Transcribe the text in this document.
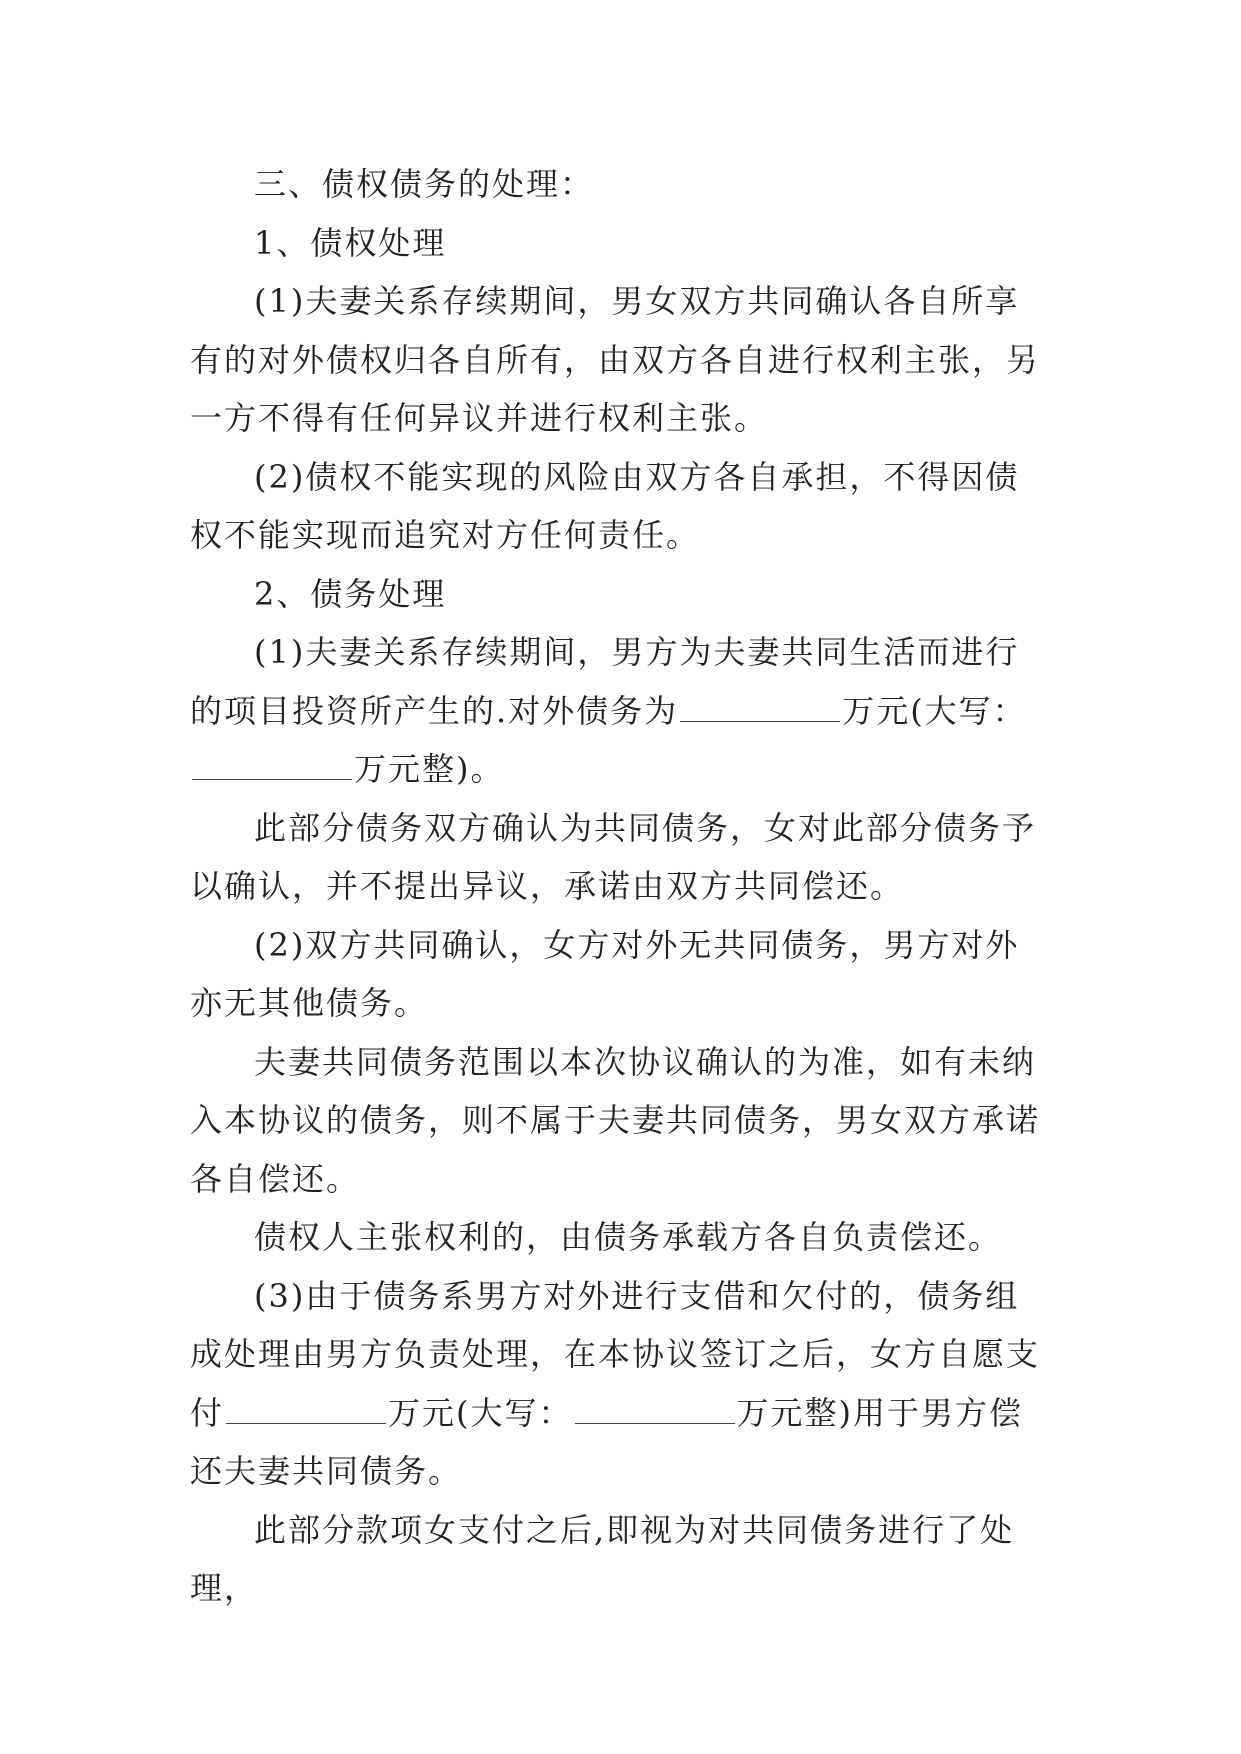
三、债权债务的处理：

1、债权处理

(1)夫妻关系存续期间，男女双方共同确认各自所享有的对外债权归各自所有，由双方各自进行权利主张，另一方不得有任何异议并进行权利主张。

(2)债权不能实现的风险由双方各自承担，不得因债权不能实现而追究对方任何责任。

2、债务处理

(1)夫妻关系存续期间，男方为夫妻共同生活而进行的项目投资所产生的.对外债务为	万元(大写：万元整)。

此部分债务双方确认为共同债务，女对此部分债务予以确认，并不提出异议，承诺由双方共同偿还。

(2)双方共同确认，女方对外无共同债务，男方对外亦无其他债务。

夫妻共同债务范围以本次协议确认的为准，如有未纳入本协议的债务，则不属于夫妻共同债务，男女双方承诺各自偿还。

债权人主张权利的，由债务承载方各自负责偿还。

(3)由于债务系男方对外进行支借和欠付的，债务组成处理由男方负责处理，在本协议签订之后，女方自愿支付	万元(大写：	万元整)用于男方偿还夫妻共同债务。

此部分款项女支付之后,即视为对共同债务进行了处理，
